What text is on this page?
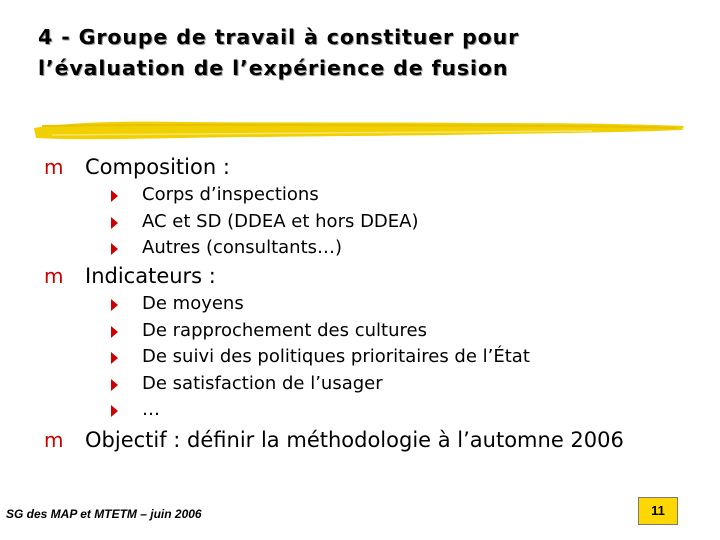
4 - Groupe de travail à constituer pour
l’évaluation de l’expérience de fusion
m Composition :
Corps d’inspections
AC et SD (DDEA et hors DDEA)
Autres (consultants…)
m Indicateurs :
De moyens
De rapprochement des cultures
De suivi des politiques prioritaires de l’État
De satisfaction de l’usager
…
m Objectif : définir la méthodologie à l’automne 2006
SG des MAP et MTETM – juin 2006	11
